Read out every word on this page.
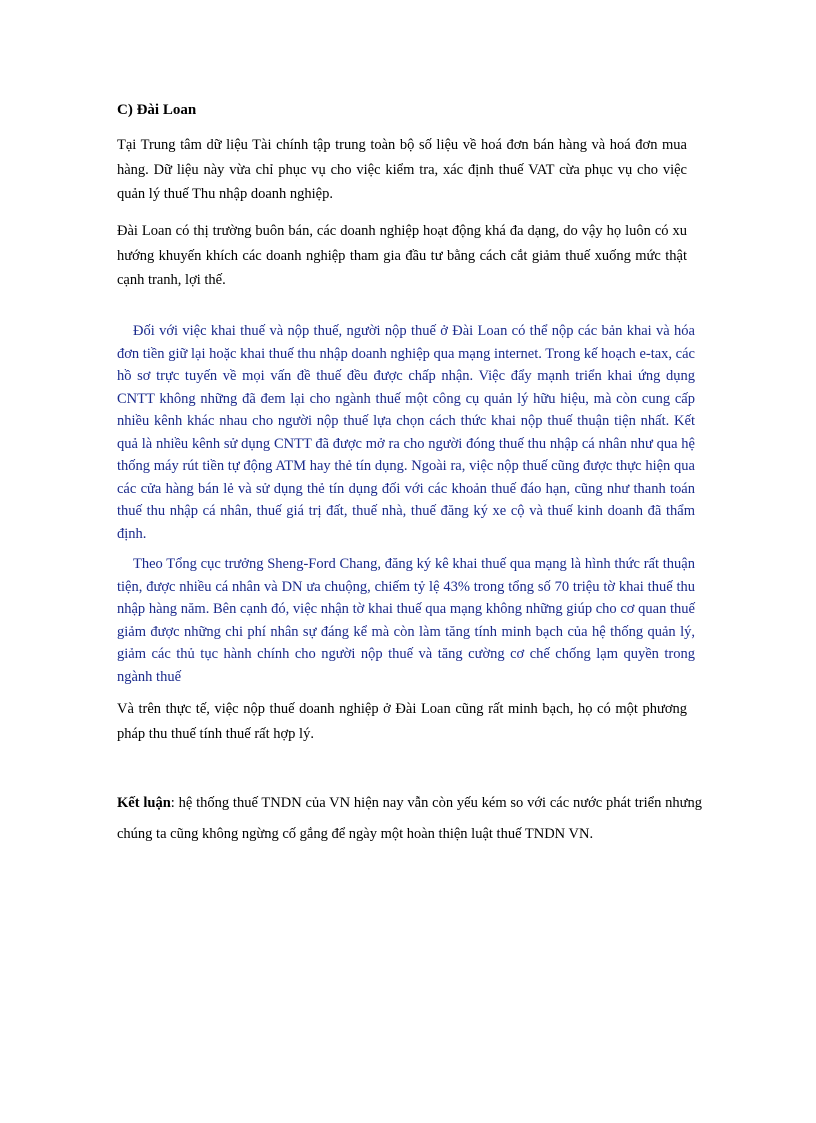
C) Đài Loan

Tại Trung tâm dữ liệu Tài chính tập trung toàn bộ số liệu về hoá đơn bán hàng và hoá đơn mua hàng. Dữ liệu này vừa chỉ phục vụ cho việc kiểm tra, xác định thuế VAT cừa phục vụ cho việc quản lý thuế Thu nhập doanh nghiệp.

Đài Loan có thị trường buôn bán, các doanh nghiệp hoạt động khá đa dạng, do vậy họ luôn có xu hướng khuyến khích các doanh nghiệp tham gia đầu tư bằng cách cắt giảm thuế xuống mức thật cạnh tranh, lợi thế.

Đối với việc khai thuế và nộp thuế, người nộp thuế ở Đài Loan có thể nộp các bản khai và hóa đơn tiền giữ lại hoặc khai thuế thu nhập doanh nghiệp qua mạng internet. Trong kế hoạch e-tax, các hồ sơ trực tuyến về mọi vấn đề thuế đều được chấp nhận. Việc đẩy mạnh triển khai ứng dụng CNTT không những đã đem lại cho ngành thuế một công cụ quản lý hữu hiệu, mà còn cung cấp nhiều kênh khác nhau cho người nộp thuế lựa chọn cách thức khai nộp thuế thuận tiện nhất. Kết quả là nhiều kênh sử dụng CNTT đã được mở ra cho người đóng thuế thu nhập cá nhân như qua hệ thống máy rút tiền tự động ATM hay thẻ tín dụng. Ngoài ra, việc nộp thuế cũng được thực hiện qua các cửa hàng bán lẻ và sử dụng thẻ tín dụng đối với các khoản thuế đáo hạn, cũng như thanh toán thuế thu nhập cá nhân, thuế giá trị đất, thuế nhà, thuế đăng ký xe cộ và thuế kinh doanh đã thẩm định.

Theo Tổng cục trưởng Sheng-Ford Chang, đăng ký kê khai thuế qua mạng là hình thức rất thuận tiện, được nhiều cá nhân và DN ưa chuộng, chiếm tỷ lệ 43% trong tổng số 70 triệu tờ khai thuế thu nhập hàng năm. Bên cạnh đó, việc nhận tờ khai thuế qua mạng không những giúp cho cơ quan thuế giảm được những chi phí nhân sự đáng kể mà còn làm tăng tính minh bạch của hệ thống quản lý, giảm các thủ tục hành chính cho người nộp thuế và tăng cường cơ chế chống lạm quyền trong ngành thuế

Và trên thực tế, việc nộp thuế doanh nghiệp ở Đài Loan cũng rất minh bạch, họ có một phương pháp thu thuế tính thuế rất hợp lý.

Kết luận: hệ thống thuế TNDN của VN hiện nay vẫn còn yếu kém so với các nước phát triển nhưng chúng ta cũng không ngừng cố gắng để ngày một hoàn thiện luật thuế TNDN VN.
